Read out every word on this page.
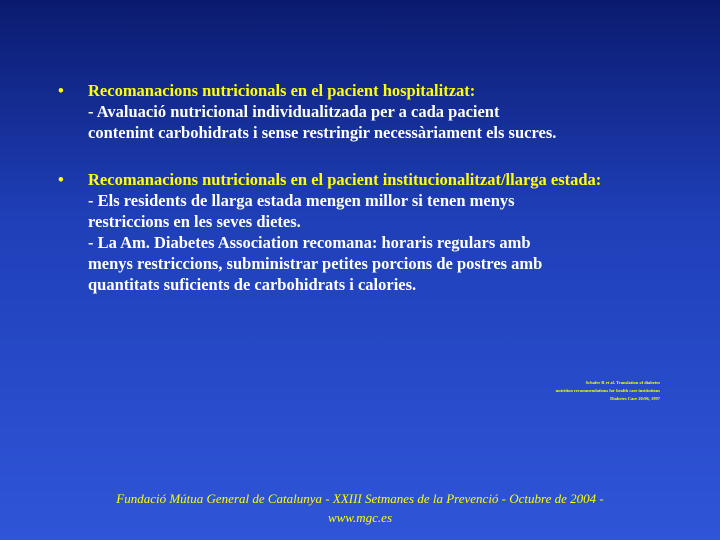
• Recomanacions nutricionals en el pacient hospitalitzat:
- Avaluació nutricional individualitzada per a cada pacient
contenint carbohidrats i sense restringir necessàriament els sucres.
• Recomanacions nutricionals en el pacient institucionalitzat/llarga estada:
- Els residents de llarga estada mengen millor si tenen menys
restriccions en les seves dietes.
- La Am. Diabetes Association recomana: horaris regulars amb
menys restriccions, subministrar petites porcions de postres amb
quantitats suficients de carbohidrats i calories.
Schafer R et al. Translation of diabetes
nutrition recommendations for health care institutions
Diabetes Care 20:96, 1997
Fundació Mútua General de Catalunya - XXIII Setmanes de la Prevenció - Octubre de 2004 -
www.mgc.es
